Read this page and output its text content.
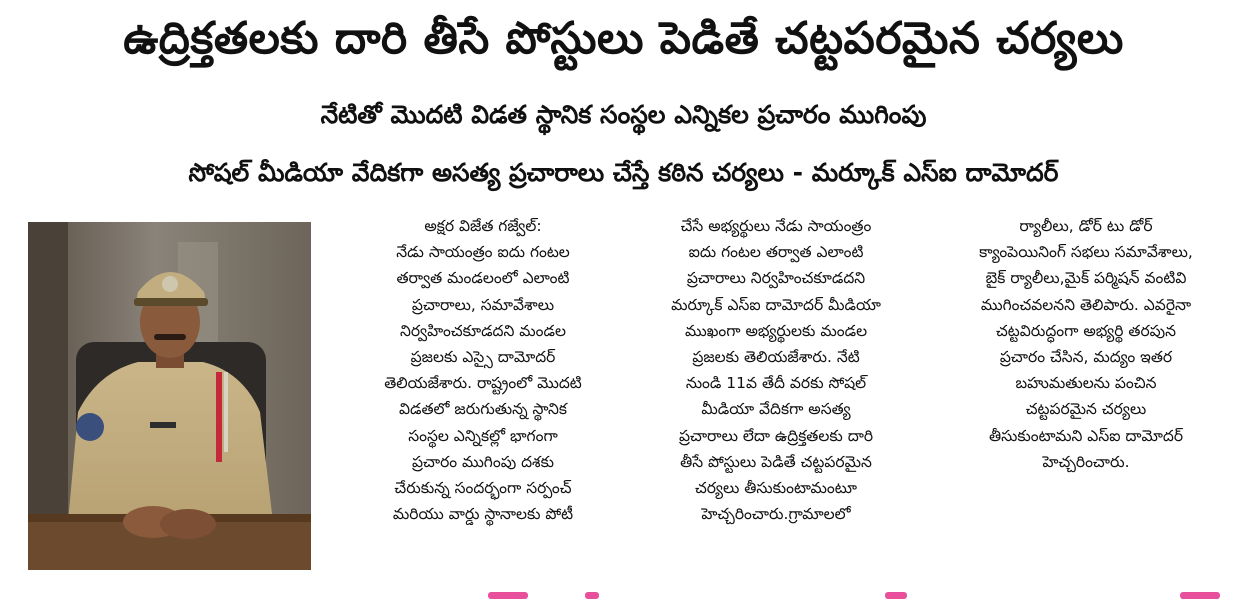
ఉద్రిక్తతలకు దారి తీసే పోస్టులు పెడితే చట్టపరమైన చర్యలు
నేటితో మొదటి విడత స్థానిక సంస్థల ఎన్నికల ప్రచారం ముగింపు
సోషల్ మీడియా వేదికగా అసత్య ప్రచారాలు చేస్తే కఠిన చర్యలు - మర్కూక్ ఎస్ఐ దామోదర్
అక్షర విజేత గజ్వేల్:
నేడు సాయంత్రం ఐదు గంటల
తర్వాత మండలంలో ఎలాంటి
ప్రచారాలు, సమావేశాలు
నిర్వహించకూడదని మండల
ప్రజలకు ఎస్సై దామోదర్
తెలియజేశారు. రాష్ట్రంలో మొదటి
విడతలో జరుగుతున్న స్థానిక
సంస్థల ఎన్నికల్లో భాగంగా
ప్రచారం ముగింపు దశకు
చేరుకున్న సందర్భంగా సర్పంచ్
మరియు వార్డు స్థానాలకు పోటీ
చేసే అభ్యర్థులు నేడు సాయంత్రం
ఐదు గంటల తర్వాత ఎలాంటి
ప్రచారాలు నిర్వహించకూడదని
మర్కూక్ ఎస్ఐ దామోదర్ మీడియా
ముఖంగా అభ్యర్థులకు మండల
ప్రజలకు తెలియజేశారు. నేటి
నుండి 11వ తేదీ వరకు సోషల్
మీడియా వేదికగా అసత్య
ప్రచారాలు లేదా ఉద్రిక్తతలకు దారి
తీసే పోస్టులు పెడితే చట్టపరమైన
చర్యలు తీసుకుంటామంటూ
హెచ్చరించారు.గ్రామాలలో
ర్యాలీలు, డోర్ టు డోర్
క్యాంపెయినింగ్ సభలు సమావేశాలు,
బైక్ ర్యాలీలు,మైక్ పర్మిషన్ వంటివి
ముగించవలనని తెలిపారు. ఎవరైనా
చట్టవిరుద్ధంగా అభ్యర్థి తరపున
ప్రచారం చేసిన, మద్యం ఇతర
బహుమతులను పంచిన
చట్టపరమైన చర్యలు
తీసుకుంటామని ఎస్ఐ దామోదర్
హెచ్చరించారు.
